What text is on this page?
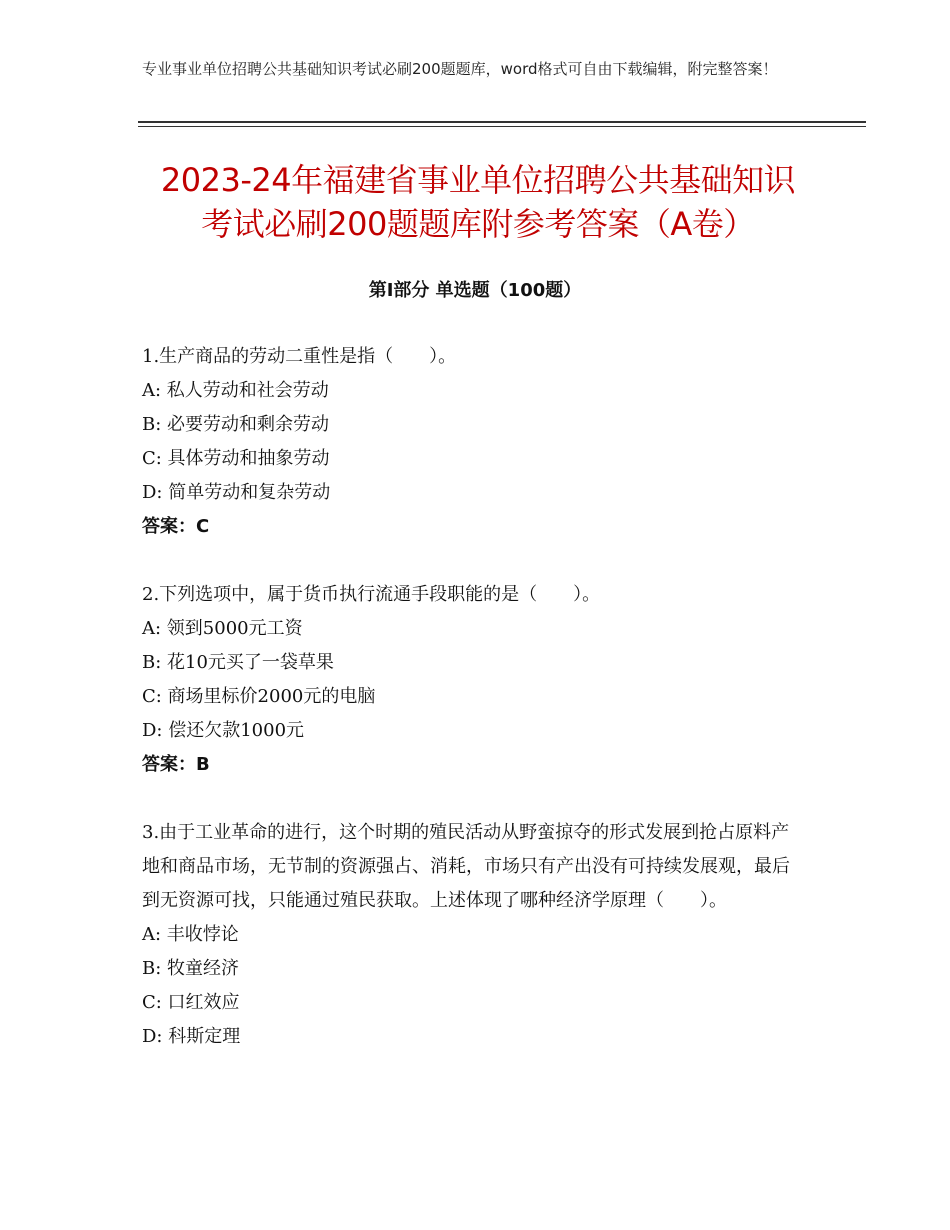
专业事业单位招聘公共基础知识考试必刷200题题库，word格式可自由下载编辑，附完整答案！
2023-24年福建省事业单位招聘公共基础知识考试必刷200题题库附参考答案（A卷）
第Ⅰ部分 单选题（100题）

1.生产商品的劳动二重性是指（　　）。

A: 私人劳动和社会劳动

B: 必要劳动和剩余劳动

C: 具体劳动和抽象劳动

D: 简单劳动和复杂劳动

答案：C

2.下列选项中，属于货币执行流通手段职能的是（　　）。

A: 领到5000元工资

B: 花10元买了一袋草果

C: 商场里标价2000元的电脑

D: 偿还欠款1000元

答案：B

3.由于工业革命的进行，这个时期的殖民活动从野蛮掠夺的形式发展到抢占原料产地和商品市场，无节制的资源强占、消耗，市场只有产出没有可持续发展观，最后到无资源可找，只能通过殖民获取。上述体现了哪种经济学原理（　　）。

A: 丰收悖论

B: 牧童经济

C: 口红效应

D: 科斯定理
